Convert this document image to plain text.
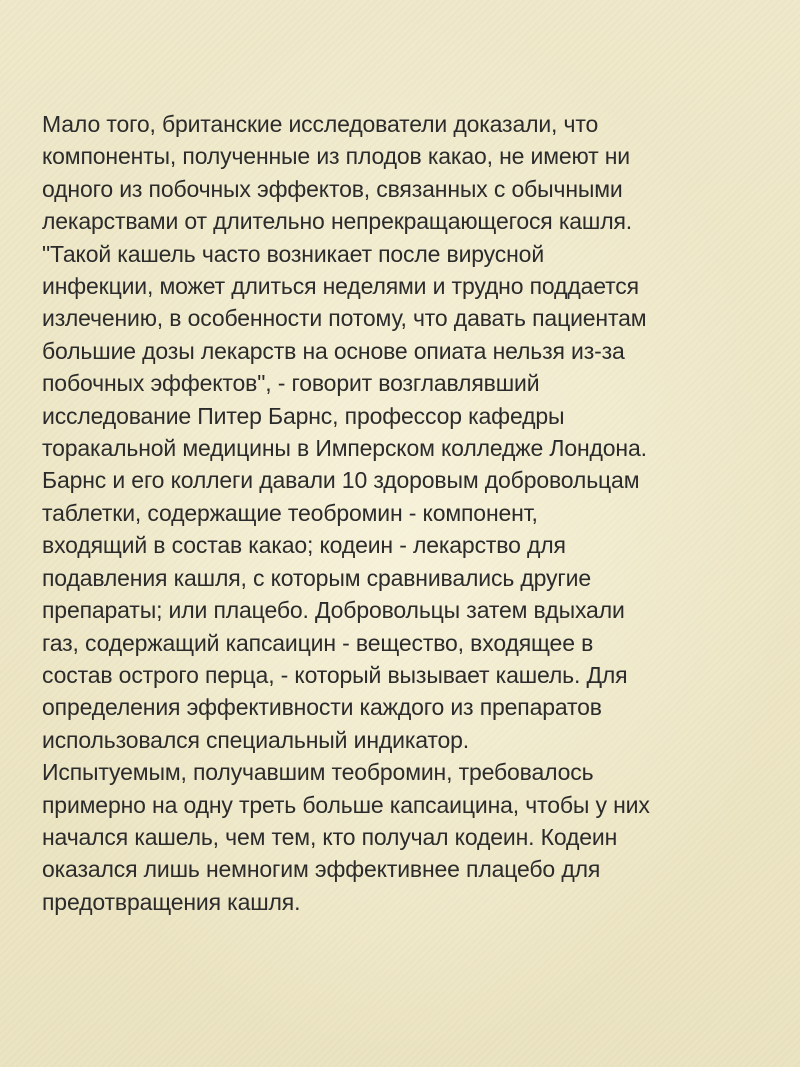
Мало того, британские исследователи доказали, что
компоненты, полученные из плодов какао, не имеют ни
одного из побочных эффектов, связанных с обычными
лекарствами от длительно непрекращающегося кашля.
"Такой кашель часто возникает после вирусной
инфекции, может длиться неделями и трудно поддается
излечению, в особенности потому, что давать пациентам
большие дозы лекарств на основе опиата нельзя из-за
побочных эффектов", - говорит возглавлявший
исследование Питер Барнс, профессор кафедры
торакальной медицины в Имперском колледже Лондона.
Барнс и его коллеги давали 10 здоровым добровольцам
таблетки, содержащие теобромин - компонент,
входящий в состав какао; кодеин - лекарство для
подавления кашля, с которым сравнивались другие
препараты; или плацебо. Добровольцы затем вдыхали
газ, содержащий капсаицин - вещество, входящее в
состав острого перца, - который вызывает кашель. Для
определения эффективности каждого из препаратов
использовался специальный индикатор.
Испытуемым, получавшим теобромин, требовалось
примерно на одну треть больше капсаицина, чтобы у них
начался кашель, чем тем, кто получал кодеин. Кодеин
оказался лишь немногим эффективнее плацебо для
предотвращения кашля.
